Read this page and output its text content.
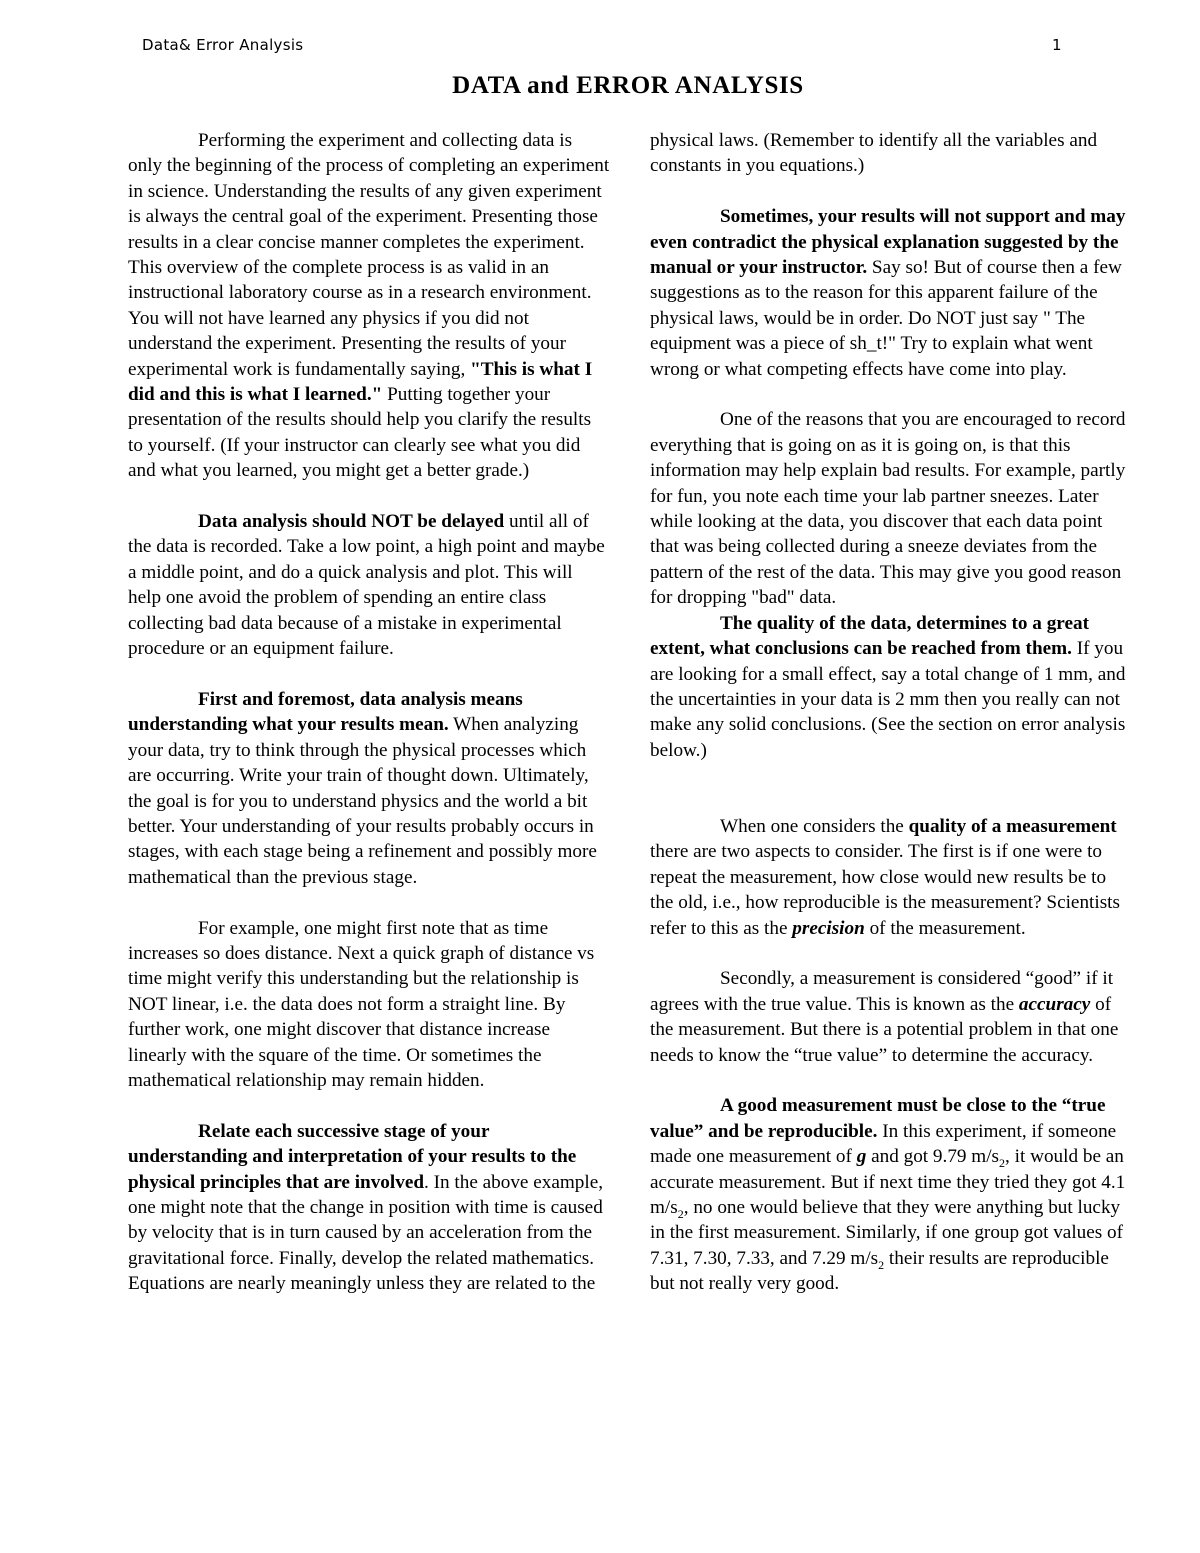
Data& Error Analysis	1
DATA and ERROR ANALYSIS

Performing the experiment and collecting data is only the beginning of the process of completing an experiment in science. Understanding the results of any given experiment is always the central goal of the experiment. Presenting those results in a clear concise manner completes the experiment. This overview of the complete process is as valid in an instructional laboratory course as in a research environment. You will not have learned any physics if you did not understand the experiment. Presenting the results of your experimental work is fundamentally saying, "This is what I did and this is what I learned." Putting together your presentation of the results should help you clarify the results to yourself. (If your instructor can clearly see what you did and what you learned, you might get a better grade.)

Data analysis should NOT be delayed until all of the data is recorded. Take a low point, a high point and maybe a middle point, and do a quick analysis and plot. This will help one avoid the problem of spending an entire class collecting bad data because of a mistake in experimental procedure or an equipment failure.

First and foremost, data analysis means understanding what your results mean. When analyzing your data, try to think through the physical processes which are occurring. Write your train of thought down. Ultimately, the goal is for you to understand physics and the world a bit better. Your understanding of your results probably occurs in stages, with each stage being a refinement and possibly more mathematical than the previous stage.

For example, one might first note that as time increases so does distance. Next a quick graph of distance vs time might verify this understanding but the relationship is NOT linear, i.e. the data does not form a straight line. By further work, one might discover that distance increase linearly with the square of the time. Or sometimes the mathematical relationship may remain hidden.

Relate each successive stage of your understanding and interpretation of your results to the physical principles that are involved. In the above example, one might note that the change in position with time is caused by velocity that is in turn caused by an acceleration from the gravitational force. Finally, develop the related mathematics. Equations are nearly meaningly unless they are related to the

physical laws. (Remember to identify all the variables and constants in you equations.)

Sometimes, your results will not support and may even contradict the physical explanation suggested by the manual or your instructor. Say so! But of course then a few suggestions as to the reason for this apparent failure of the physical laws, would be in order. Do NOT just say " The equipment was a piece of sh_t!" Try to explain what went wrong or what competing effects have come into play.

One of the reasons that you are encouraged to record everything that is going on as it is going on, is that this information may help explain bad results. For example, partly for fun, you note each time your lab partner sneezes. Later while looking at the data, you discover that each data point that was being collected during a sneeze deviates from the pattern of the rest of the data. This may give you good reason for dropping "bad" data.

The quality of the data, determines to a great extent, what conclusions can be reached from them. If you are looking for a small effect, say a total change of 1 mm, and the uncertainties in your data is 2 mm then you really can not make any solid conclusions. (See the section on error analysis below.)

When one considers the quality of a measurement there are two aspects to consider. The first is if one were to repeat the measurement, how close would new results be to the old, i.e., how reproducible is the measurement? Scientists refer to this as the precision of the measurement.

Secondly, a measurement is considered “good” if it agrees with the true value. This is known as the accuracy of the measurement. But there is a potential problem in that one needs to know the “true value” to determine the accuracy.

A good measurement must be close to the “true value” and be reproducible. In this experiment, if someone made one measurement of g and got 9.79 $m/s_2$, it would be an accurate measurement. But if next time they tried they got 4.1 $m/s_2$, no one would believe that they were anything but lucky in the first measurement. Similarly, if one group got values of 7.31, 7.30, 7.33, and 7.29 $m/s_2$ their results are reproducible but not really very good.
